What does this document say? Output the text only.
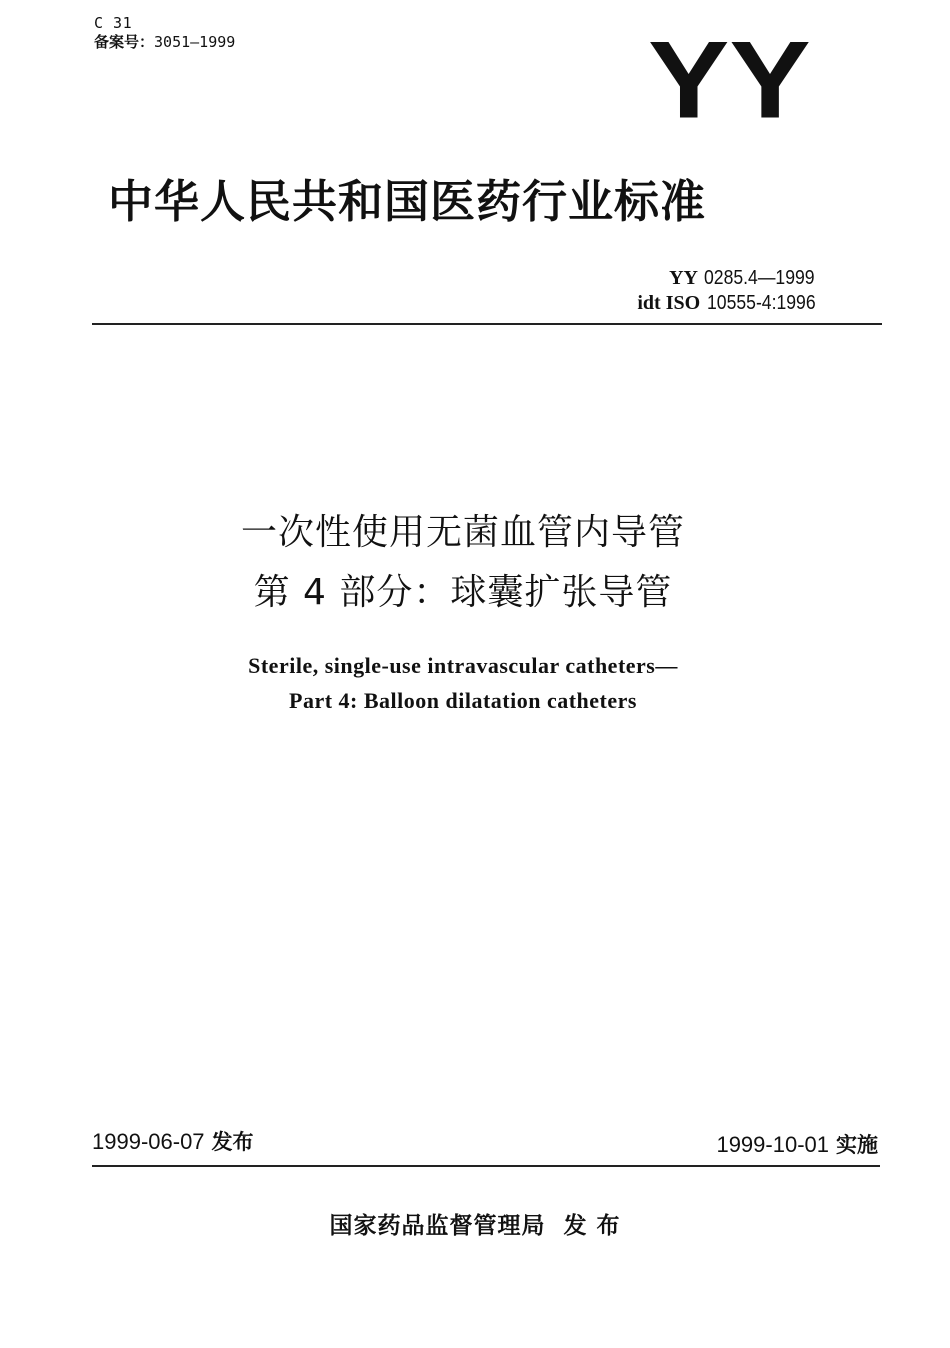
C 31
备案号：3051—1999	YY
中华人民共和国医药行业标准
YY 0285.4—1999
idt ISO 10555-4:1996
一次性使用无菌血管内导管
第 4 部分：球囊扩张导管
Sterile, single-use intravascular catheters—
Part 4: Balloon dilatation catheters
1999-06-07 发布	1999-10-01 实施
国家药品监督管理局 发 布
